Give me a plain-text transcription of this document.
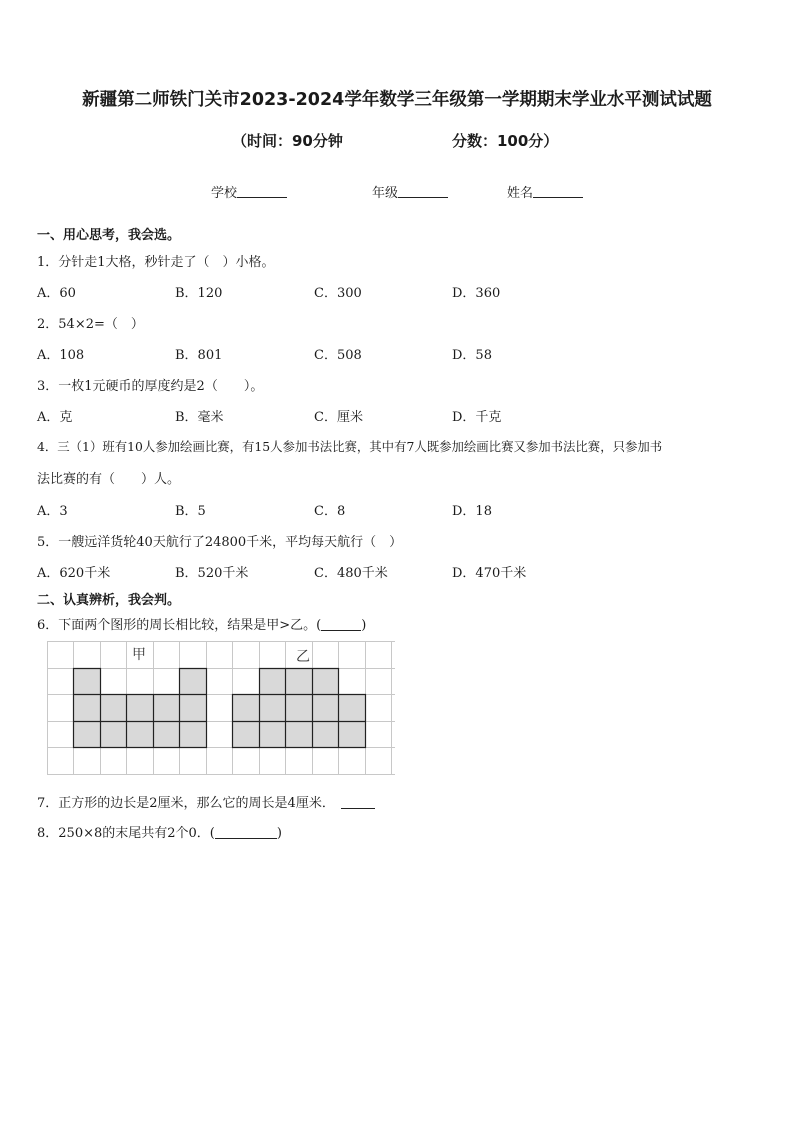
新疆第二师铁门关市2023-2024学年数学三年级第一学期期末学业水平测试试题
（时间：90分钟	分数：100分）
学校	年级	姓名
一、用心思考，我会选。
1．分针走1大格，秒针走了（　）小格。
A．60	B．120	C．300	D．360
2．54×2=（　）
A．108	B．801	C．508	D．58
3．一枚1元硬币的厚度约是2（　　）。
A．克	B．毫米	C．厘米	D．千克
4．三（1）班有10人参加绘画比赛，有15人参加书法比赛，其中有7人既参加绘画比赛又参加书法比赛，只参加书
法比赛的有（　　）人。
A．3	B．5	C．8	D．18
5．一艘远洋货轮40天航行了24800千米，平均每天航行（　）
A．620千米	B．520千米	C．480千米	D．470千米
二、认真辨析，我会判。
6．下面两个图形的周长相比较，结果是甲>乙。(	)
甲	乙
7．正方形的边长是2厘米，那么它的周长是4厘米．
8．250×8的末尾共有2个0．(	)
